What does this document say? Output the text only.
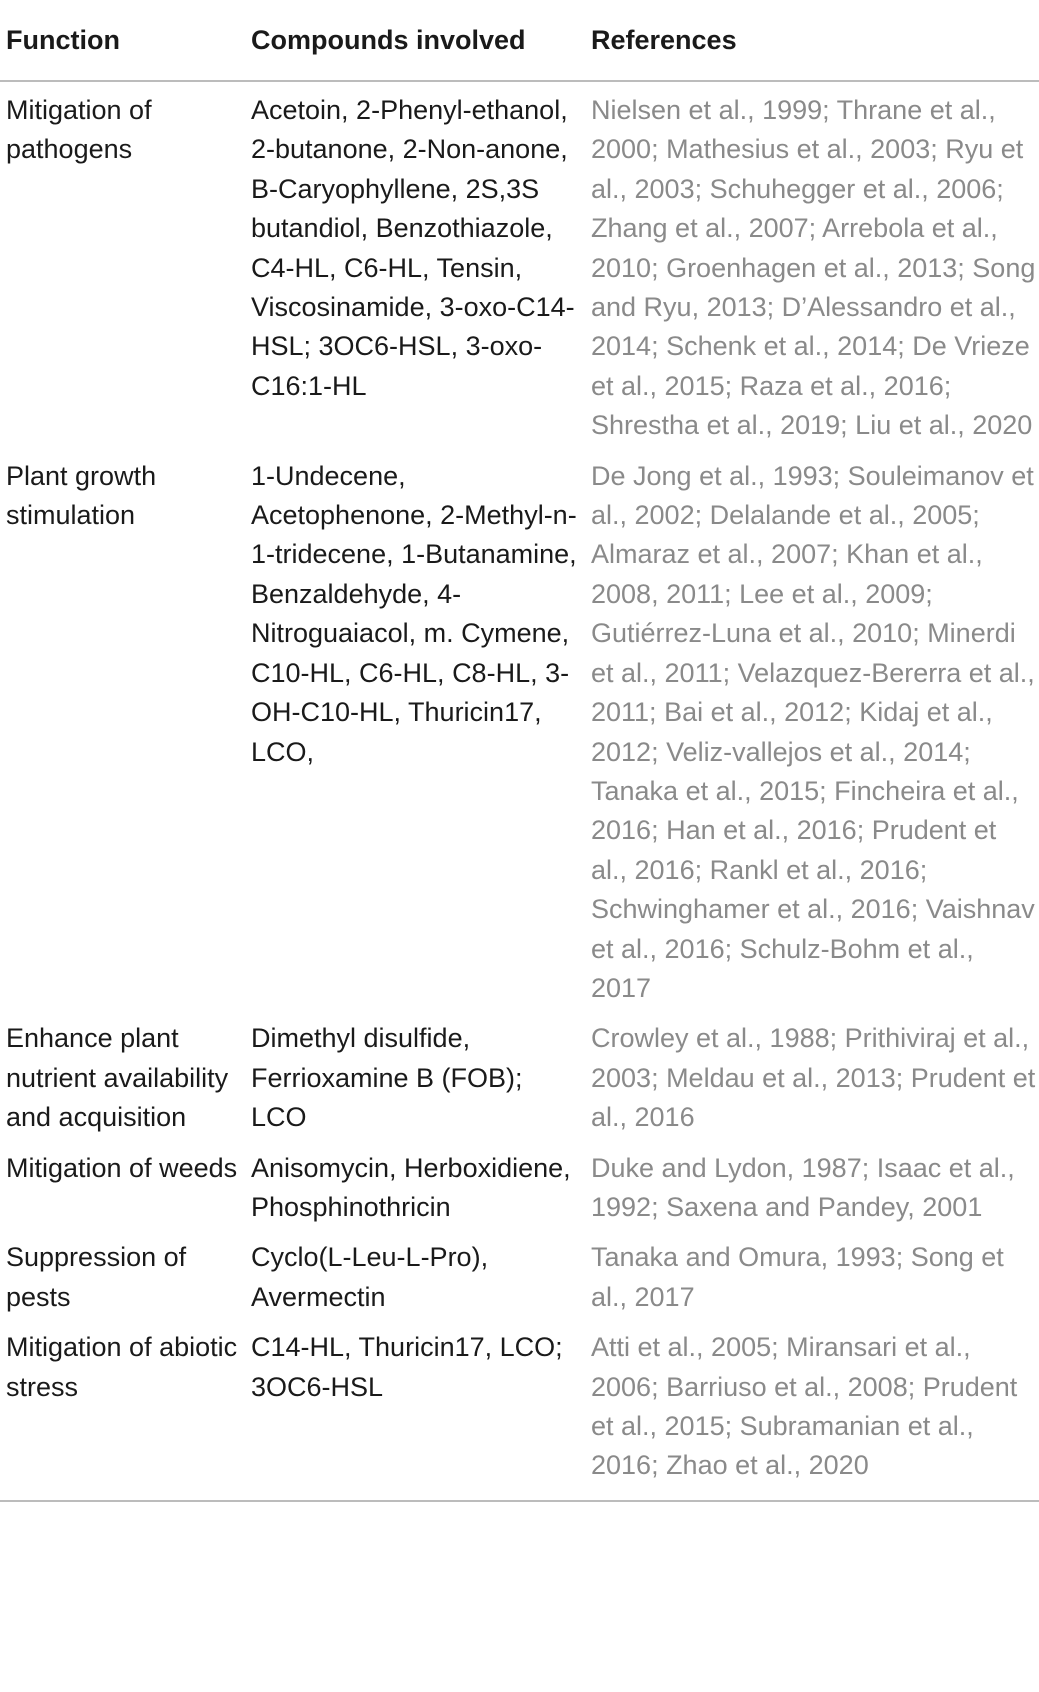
Function	Compounds involved	References
Mitigation of pathogens	Acetoin, 2-Phenyl-ethanol, 2-butanone, 2-Non-anone, B-Caryophyllene, 2S,3S butandiol, Benzothiazole, C4-HL, C6-HL, Tensin, Viscosinamide, 3-oxo-C14- HSL; 3OC6-HSL, 3-oxo-C16:1-HL	Nielsen et al., 1999; Thrane et al., 2000; Mathesius et al., 2003; Ryu et al., 2003; Schuhegger et al., 2006; Zhang et al., 2007; Arrebola et al., 2010; Groenhagen et al., 2013; Song and Ryu, 2013; D’Alessandro et al., 2014; Schenk et al., 2014; De Vrieze et al., 2015; Raza et al., 2016; Shrestha et al., 2019; Liu et al., 2020
Plant growth stimulation	1-Undecene, Acetophenone, 2-Methyl-n-1-tridecene, 1-Butanamine, Benzaldehyde, 4-Nitroguaiacol, m. Cymene, C10-HL, C6-HL, C8-HL, 3-OH-C10-HL, Thuricin17, LCO,	De Jong et al., 1993; Souleimanov et al., 2002; Delalande et al., 2005; Almaraz et al., 2007; Khan et al., 2008, 2011; Lee et al., 2009; Gutiérrez-Luna et al., 2010; Minerdi et al., 2011; Velazquez-Bererra et al., 2011; Bai et al., 2012; Kidaj et al., 2012; Veliz-vallejos et al., 2014; Tanaka et al., 2015; Fincheira et al., 2016; Han et al., 2016; Prudent et al., 2016; Rankl et al., 2016; Schwinghamer et al., 2016; Vaishnav et al., 2016; Schulz-Bohm et al., 2017
Enhance plant nutrient availability and acquisition	Dimethyl disulfide, Ferrioxamine B (FOB); LCO	Crowley et al., 1988; Prithiviraj et al., 2003; Meldau et al., 2013; Prudent et al., 2016
Mitigation of weeds	Anisomycin, Herboxidiene, Phosphinothricin	Duke and Lydon, 1987; Isaac et al., 1992; Saxena and Pandey, 2001
Suppression of pests	Cyclo(L-Leu-L-Pro), Avermectin	Tanaka and Omura, 1993; Song et al., 2017
Mitigation of abiotic stress	C14-HL, Thuricin17, LCO; 3OC6-HSL	Atti et al., 2005; Miransari et al., 2006; Barriuso et al., 2008; Prudent et al., 2015; Subramanian et al., 2016; Zhao et al., 2020
